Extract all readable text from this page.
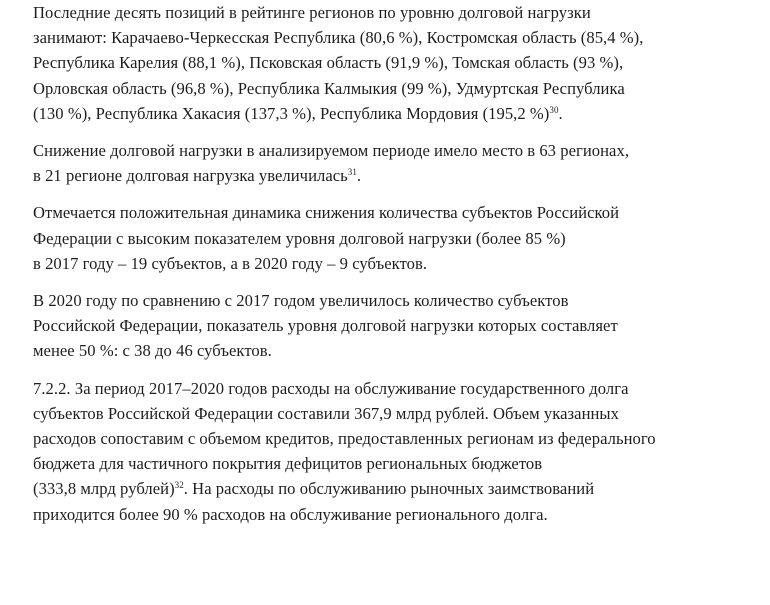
Последние десять позиций в рейтинге регионов по уровню долговой нагрузки
занимают: Карачаево-Черкесская Республика (80,6 %), Костромская область (85,4 %),
Республика Карелия (88,1 %), Псковская область (91,9 %), Томская область (93 %),
Орловская область (96,8 %), Республика Калмыкия (99 %), Удмуртская Республика
(130 %), Республика Хакасия (137,3 %), Республика Мордовия (195,2 %)$^{30}$.

Снижение долговой нагрузки в анализируемом периоде имело место в 63 регионах,
в 21 регионе долговая нагрузка увеличилась$^{31}$.

Отмечается положительная динамика снижения количества субъектов Российской
Федерации с высоким показателем уровня долговой нагрузки (более 85 %)
в 2017 году – 19 субъектов, а в 2020 году – 9 субъектов.

В 2020 году по сравнению с 2017 годом увеличилось количество субъектов
Российской Федерации, показатель уровня долговой нагрузки которых составляет
менее 50 %: с 38 до 46 субъектов.

7.2.2. За период 2017–2020 годов расходы на обслуживание государственного долга
субъектов Российской Федерации составили 367,9 млрд рублей. Объем указанных
расходов сопоставим с объемом кредитов, предоставленных регионам из федерального
бюджета для частичного покрытия дефицитов региональных бюджетов
(333,8 млрд рублей)$^{32}$. На расходы по обслуживанию рыночных заимствований
приходится более 90 % расходов на обслуживание регионального долга.
